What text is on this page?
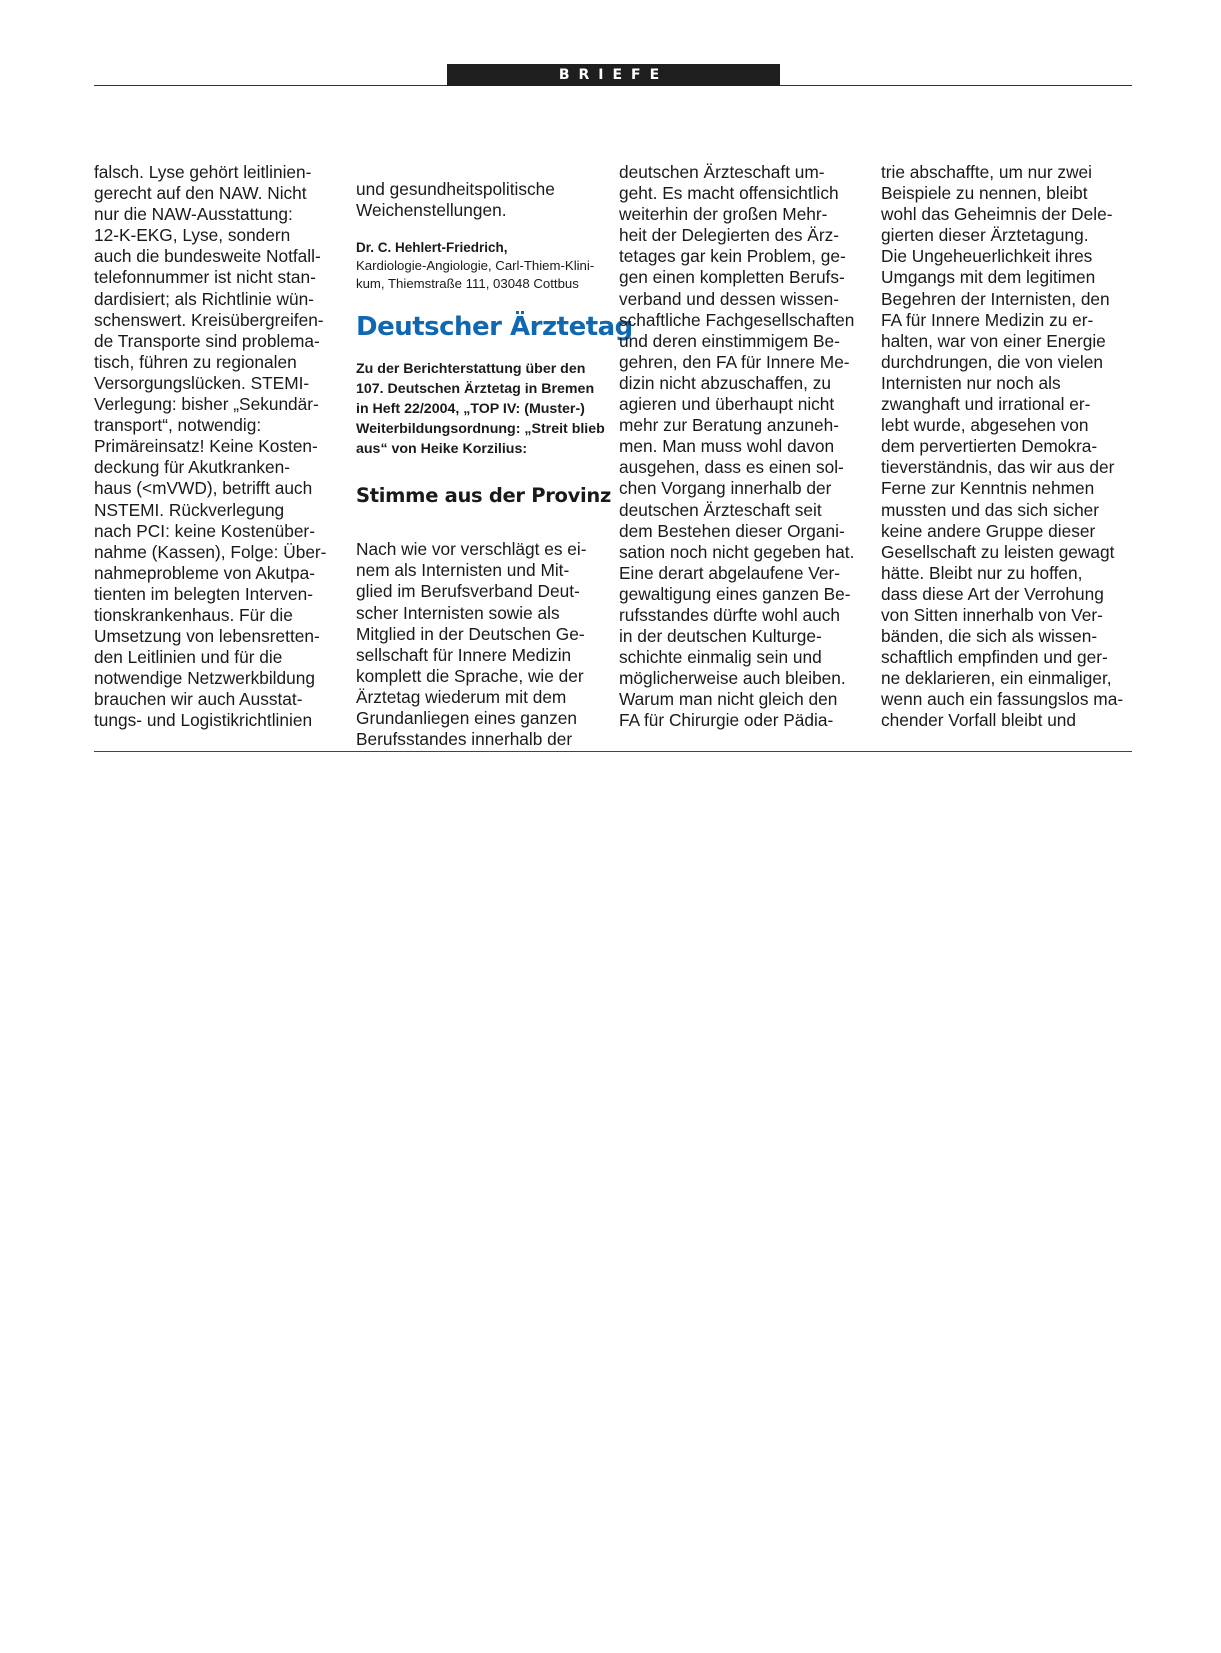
BRIEFE

falsch. Lyse gehört leitlinien-
gerecht auf den NAW. Nicht
nur die NAW-Ausstattung:
12-K-EKG, Lyse, sondern
auch die bundesweite Notfall-
telefonnummer ist nicht stan-
dardisiert; als Richtlinie wün-
schenswert. Kreisübergreifen-
de Transporte sind problema-
tisch, führen zu regionalen
Versorgungslücken. STEMI-
Verlegung: bisher „Sekundär-
transport“, notwendig:
Primäreinsatz! Keine Kosten-
deckung für Akutkranken-
haus (<mVWD), betrifft auch
NSTEMI. Rückverlegung
nach PCI: keine Kostenüber-
nahme (Kassen), Folge: Über-
nahmeprobleme von Akutpa-
tienten im belegten Interven-
tionskrankenhaus. Für die
Umsetzung von lebensretten-
den Leitlinien und für die
notwendige Netzwerkbildung
brauchen wir auch Ausstat-
tungs- und Logistikrichtlinien

und gesundheitspolitische
Weichenstellungen.

Dr. C. Hehlert-Friedrich,

Kardiologie-Angiologie, Carl-Thiem-Klini-
kum, Thiemstraße 111, 03048 Cottbus

Deutscher Ärztetag

Zu der Berichterstattung über den
107. Deutschen Ärztetag in Bremen
in Heft 22/2004, „TOP IV: (Muster-)
Weiterbildungsordnung: „Streit blieb
aus“ von Heike Korzilius:

Stimme aus der Provinz

Nach wie vor verschlägt es ei-
nem als Internisten und Mit-
glied im Berufsverband Deut-
scher Internisten sowie als
Mitglied in der Deutschen Ge-
sellschaft für Innere Medizin
komplett die Sprache, wie der
Ärztetag wiederum mit dem
Grundanliegen eines ganzen
Berufsstandes innerhalb der

deutschen Ärzteschaft um-
geht. Es macht offensichtlich
weiterhin der großen Mehr-
heit der Delegierten des Ärz-
tetages gar kein Problem, ge-
gen einen kompletten Berufs-
verband und dessen wissen-
schaftliche Fachgesellschaften
und deren einstimmigem Be-
gehren, den FA für Innere Me-
dizin nicht abzuschaffen, zu
agieren und überhaupt nicht
mehr zur Beratung anzuneh-
men. Man muss wohl davon
ausgehen, dass es einen sol-
chen Vorgang innerhalb der
deutschen Ärzteschaft seit
dem Bestehen dieser Organi-
sation noch nicht gegeben hat.
Eine derart abgelaufene Ver-
gewaltigung eines ganzen Be-
rufsstandes dürfte wohl auch
in der deutschen Kulturge-
schichte einmalig sein und
möglicherweise auch bleiben.
Warum man nicht gleich den
FA für Chirurgie oder Pädia-

trie abschaffte, um nur zwei
Beispiele zu nennen, bleibt
wohl das Geheimnis der Dele-
gierten dieser Ärztetagung.
Die Ungeheuerlichkeit ihres
Umgangs mit dem legitimen
Begehren der Internisten, den
FA für Innere Medizin zu er-
halten, war von einer Energie
durchdrungen, die von vielen
Internisten nur noch als
zwanghaft und irrational er-
lebt wurde, abgesehen von
dem pervertierten Demokra-
tieverständnis, das wir aus der
Ferne zur Kenntnis nehmen
mussten und das sich sicher
keine andere Gruppe dieser
Gesellschaft zu leisten gewagt
hätte. Bleibt nur zu hoffen,
dass diese Art der Verrohung
von Sitten innerhalb von Ver-
bänden, die sich als wissen-
schaftlich empfinden und ger-
ne deklarieren, ein einmaliger,
wenn auch ein fassungslos ma-
chender Vorfall bleibt und
